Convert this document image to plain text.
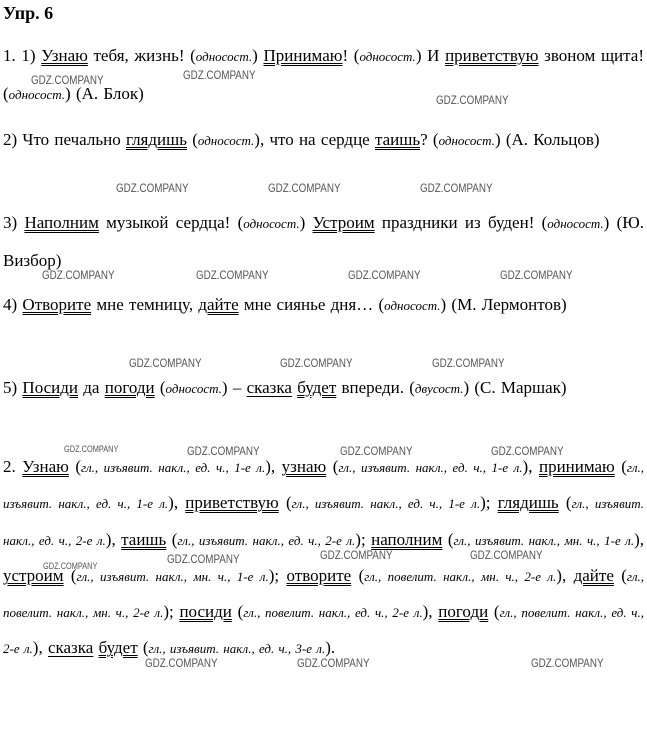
Упр. 6
1. 1) Узнаю тебя, жизнь! (односост.) Принимаю! (односост.) И приветствую звоном щита! (односост.) (А. Блок)
2) Что печально глядишь (односост.), что на сердце таишь? (односост.) (А. Кольцов)
3) Наполним музыкой сердца! (односост.) Устроим праздники из буден! (односост.) (Ю. Визбор)
4) Отворите мне темницу, дайте мне сиянье дня… (односост.) (М. Лермонтов)
5) Посиди да погоди (односост.) – сказка будет впереди. (двусост.) (С. Маршак)
2. Узнаю (гл., изъявит. накл., ед. ч., 1-е л.), узнаю (гл., изъявит. накл., ед. ч., 1-е л.), принимаю (гл., изъявит. накл., ед. ч., 1-е л.), приветствую (гл., изъявит. накл., ед. ч., 1-е л.); глядишь (гл., изъявит. накл., ед. ч., 2-е л.), таишь (гл., изъявит. накл., ед. ч., 2-е л.); наполним (гл., изъявит. накл., мн. ч., 1-е л.), устроим (гл., изъявит. накл., мн. ч., 1-е л.); отворите (гл., повелит. накл., мн. ч., 2-е л.), дайте (гл., повелит. накл., мн. ч., 2-е л.); посиди (гл., повелит. накл., ед. ч., 2-е л.), погоди (гл., повелит. накл., ед. ч., 2-е л.), сказка будет (гл., изъявит. накл., ед. ч., 3-е л.).
GDZ.COMPANY	GDZ.COMPANY
GDZ.COMPANY
GDZ.COMPANY	GDZ.COMPANY	GDZ.COMPANY
GDZ.COMPANY	GDZ.COMPANY	GDZ.COMPANY	GDZ.COMPANY
GDZ.COMPANY	GDZ.COMPANY	GDZ.COMPANY
GDZ.COMPANY	GDZ.COMPANY	GDZ.COMPANY	GDZ.COMPANY
GDZ.COMPANY	GDZ.COMPANY	GDZ.COMPANY	GDZ.COMPANY
GDZ.COMPANY	GDZ.COMPANY	GDZ.COMPANY
